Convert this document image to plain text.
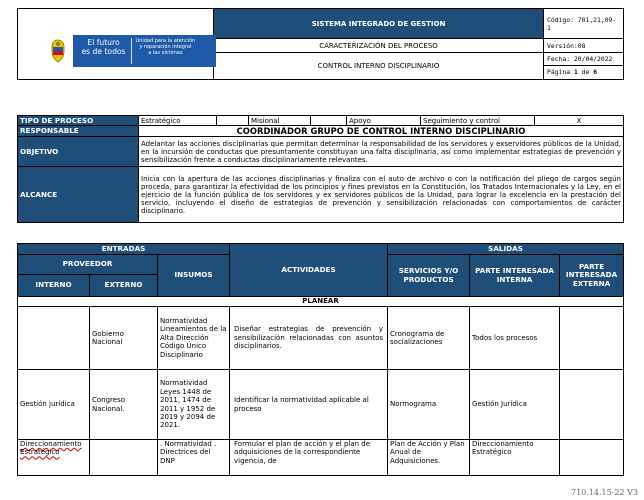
El futuro
es de todos
Unidad para la atención
y reparación integral
a las víctimas	SISTEMA INTEGRADO DE GESTION	Código: 701,21,09-1
	CARACTERIZACIÓN DEL PROCESO	Versión:08
	CONTROL INTERNO DISCIPLINARIO	Fecha: 20/04/2022
		Página 1 de 6
TIPO DE PROCESO	Estratégico		Misional		Apoyo	Seguimiento y control	X
RESPONSABLE	COORDINADOR GRUPO DE CONTROL INTERNO DISCIPLINARIO						
OBJETIVO	Adelantar las acciones disciplinarias que permitan determinar la responsabilidad de los servidores y exservidores públicos de la Unidad, en la incursión de conductas que presuntamente constituyan una falta disciplinaria, así como implementar estrategias de prevención y sensibilización frente a conductas disciplinariamente relevantes.						
ALCANCE	Inicia con la apertura de las acciones disciplinarias y finaliza con el auto de archivo o con la notificación del pliego de cargos según proceda, para garantizar la efectividad de los principios y fines previstos en la Constitución, los Tratados Internacionales y la Ley, en el ejercicio de la función pública de los servidores y ex servidores públicos de la Unidad, para lograr la excelencia en la prestación del servicio, incluyendo el diseño de estrategias de prevención y sensibilización relacionadas con comportamientos de carácter disciplinario.						
ENTRADAS			ACTIVIDADES	SALIDAS		
PROVEEDOR		INSUMOS		SERVICIOS Y/O PRODUCTOS	PARTE INTERESADA INTERNA	PARTE INTERESADA EXTERNA
INTERNO	EXTERNO					
PLANEAR						
	Gobierno Nacional	Normatividad Lineamientos de la Alta Dirección Código Único Disciplinario	Diseñar estrategias de prevención y sensibilización relacionadas con asuntos disciplinarios.	Cronograma de socializaciones	Todos los procesos	
Gestión jurídica	Congreso Nacional.	Normatividad Leyes 1448 de 2011, 1474 de 2011 y 1952 de 2019 y 2094 de 2021.	Identificar la normatividad aplicable al proceso	Normograma	Gestión Jurídica	
Direccionamiento Estratégico		. Normatividad . Directrices del DNP	Formular el plan de acción y el plan de adquisiciones de la correspondiente vigencia, de	Plan de Acción y Plan Anual de Adquisiciones.	Direccionamiento Estratégico	
710.14.15-22 V3
